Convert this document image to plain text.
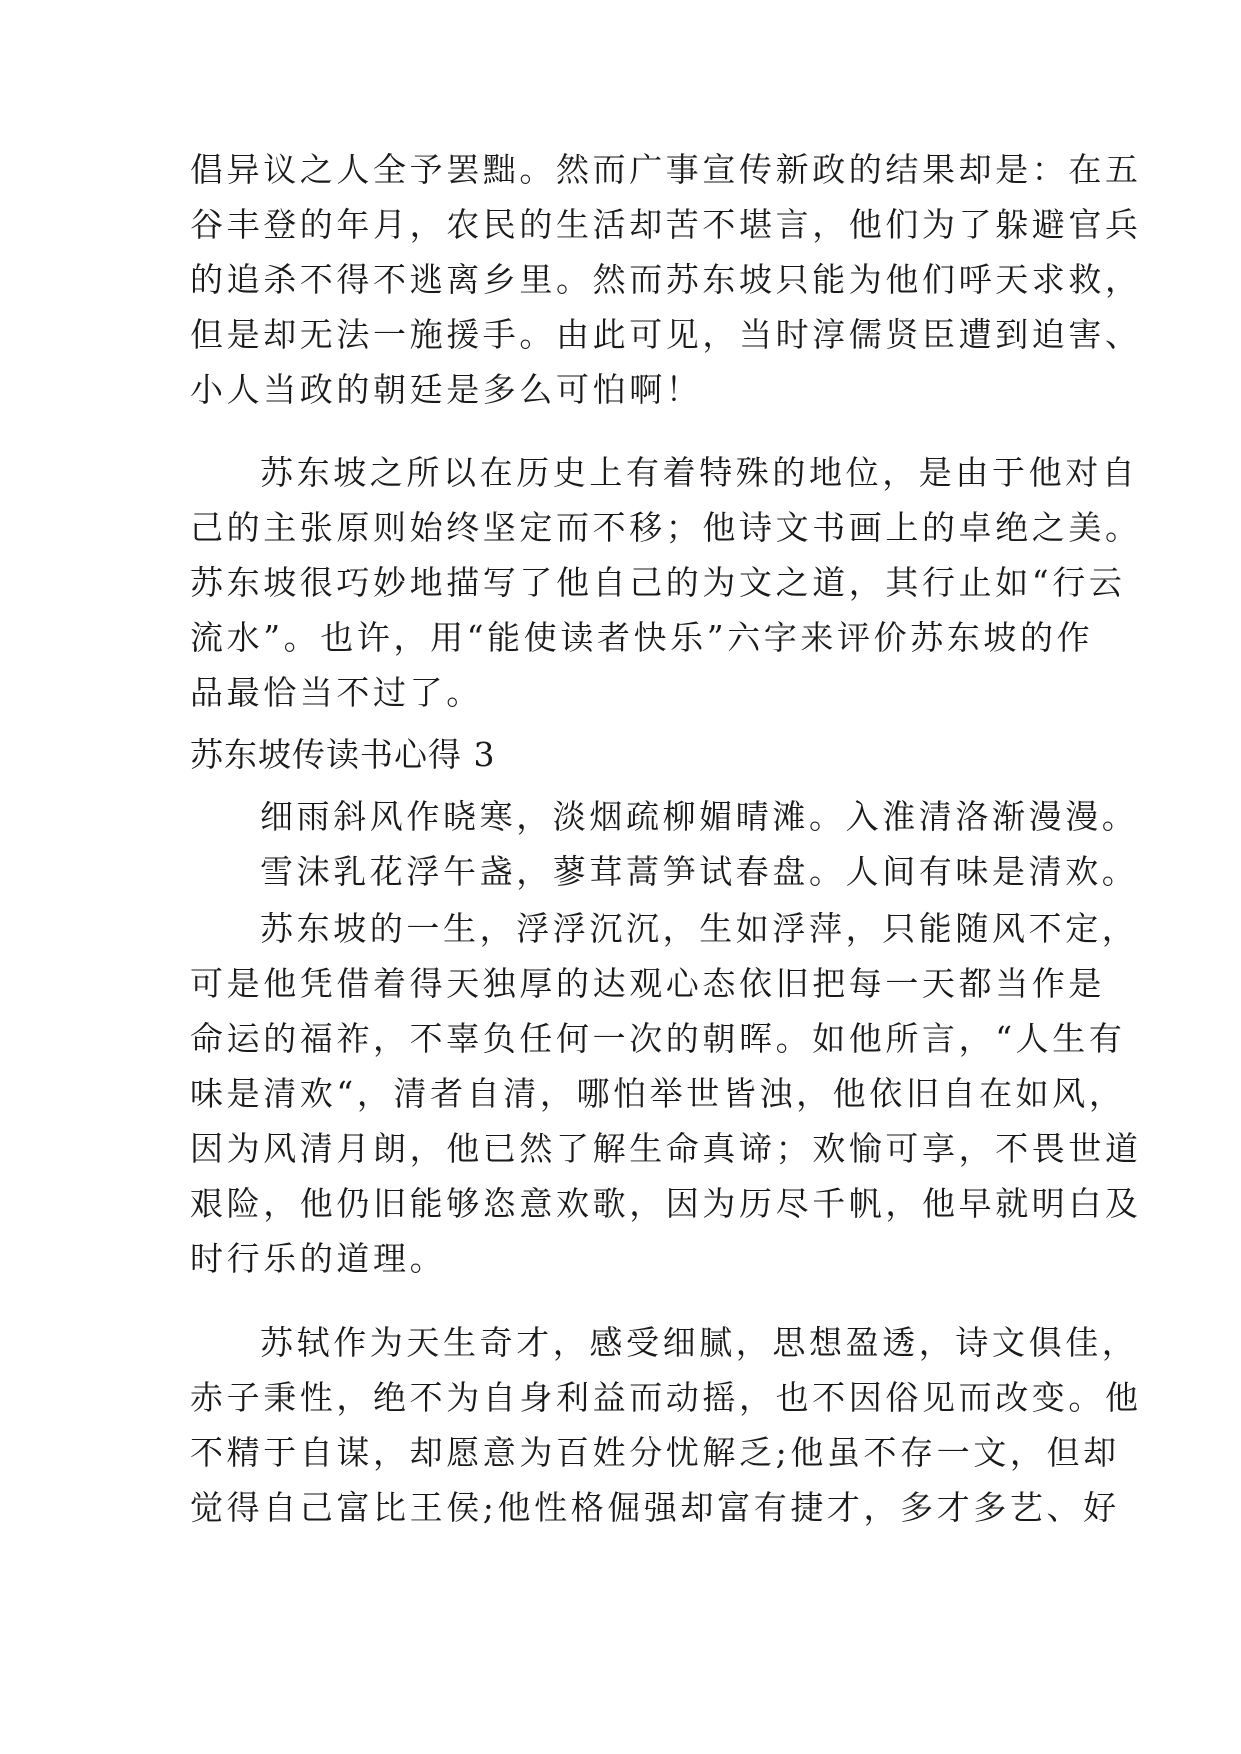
倡异议之人全予罢黜。然而广事宣传新政的结果却是：在五
谷丰登的年月，农民的生活却苦不堪言，他们为了躲避官兵
的追杀不得不逃离乡里。然而苏东坡只能为他们呼天求救，
但是却无法一施援手。由此可见，当时淳儒贤臣遭到迫害、
小人当政的朝廷是多么可怕啊！
苏东坡之所以在历史上有着特殊的地位，是由于他对自
己的主张原则始终坚定而不移；他诗文书画上的卓绝之美。
苏东坡很巧妙地描写了他自己的为文之道，其行止如“行云
流水”。也许，用“能使读者快乐”六字来评价苏东坡的作
品最恰当不过了。
苏东坡传读书心得 3
细雨斜风作晓寒，淡烟疏柳媚晴滩。入淮清洛渐漫漫。
雪沫乳花浮午盏，蓼茸蒿笋试春盘。人间有味是清欢。
苏东坡的一生，浮浮沉沉，生如浮萍，只能随风不定，
可是他凭借着得天独厚的达观心态依旧把每一天都当作是
命运的福祚，不辜负任何一次的朝晖。如他所言，“人生有
味是清欢“，清者自清，哪怕举世皆浊，他依旧自在如风，
因为风清月朗，他已然了解生命真谛；欢愉可享，不畏世道
艰险，他仍旧能够恣意欢歌，因为历尽千帆，他早就明白及
时行乐的道理。
苏轼作为天生奇才，感受细腻，思想盈透，诗文俱佳，
赤子秉性，绝不为自身利益而动摇，也不因俗见而改变。他
不精于自谋，却愿意为百姓分忧解乏;他虽不存一文，但却
觉得自己富比王侯;他性格倔强却富有捷才，多才多艺、好
